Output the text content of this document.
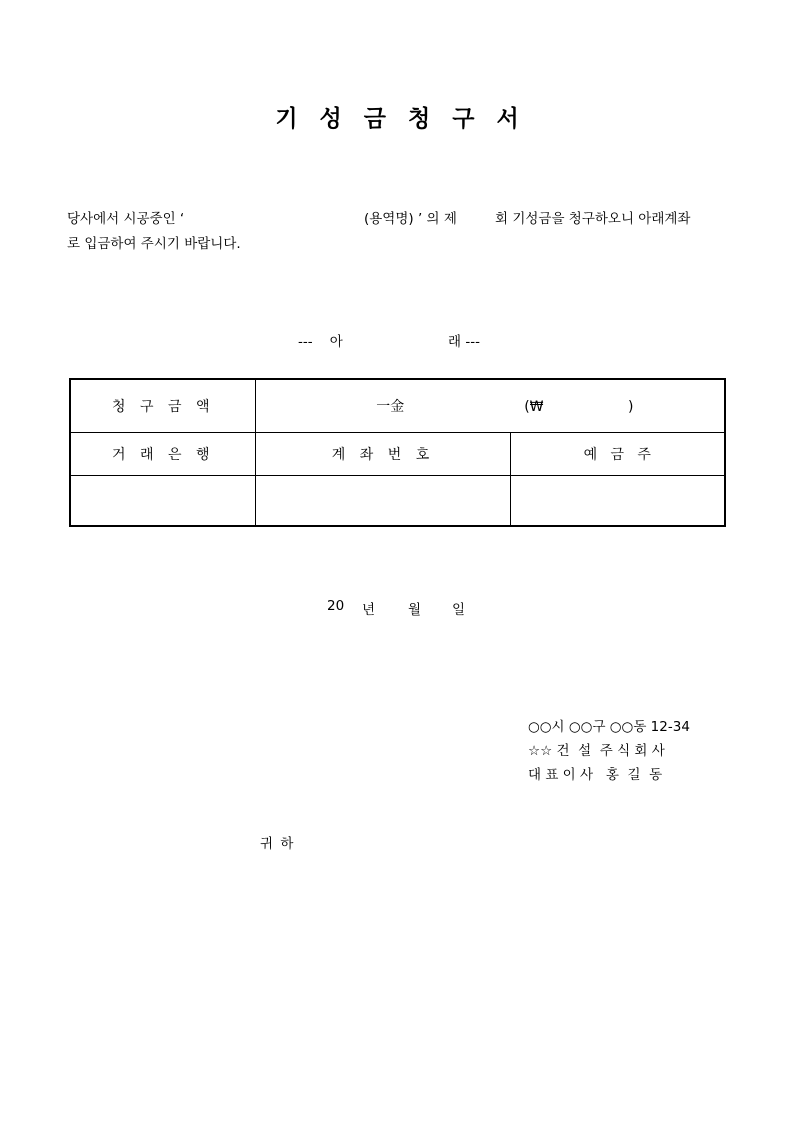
기 성 금 청 구 서
당사에서 시공중인 ‘	(용역명) ’ 의 제	회 기성금을 청구하오니 아래계좌
로 입금하여 주시기 바랍니다.
---    아	래 ---
청 구 금 액	一金 (₩                   )	

거 래 은 행	계 좌 번 호	예   금   주

20 년 월 일
○○시 ○○구 ○○동 12-34
☆☆ 건  설  주 식 회 사
대 표 이 사   홍  길  동
귀 하
